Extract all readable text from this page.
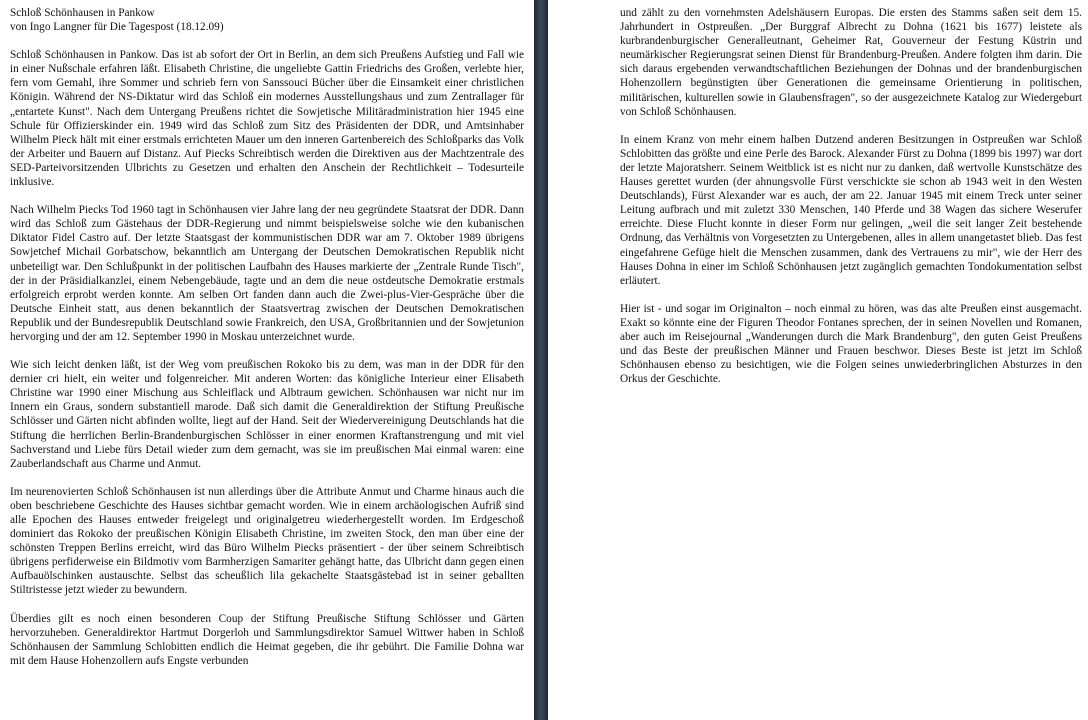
Schloß Schönhausen in Pankow
von Ingo Langner für Die Tagespost (18.12.09)

Schloß Schönhausen in Pankow. Das ist ab sofort der Ort in Berlin, an dem sich Preußens Aufstieg und Fall wie in einer Nußschale erfahren läßt. Elisabeth Christine, die ungeliebte Gattin Friedrichs des Großen, verlebte hier, fern vom Gemahl, ihre Sommer und schrieb fern von Sanssouci Bücher über die Einsamkeit einer christlichen Königin. Während der NS-Diktatur wird das Schloß ein modernes Ausstellungshaus und zum Zentrallager für „entartete Kunst". Nach dem Untergang Preußens richtet die Sowjetische Militäradministration hier 1945 eine Schule für Offizierskinder ein. 1949 wird das Schloß zum Sitz des Präsidenten der DDR, und Amtsinhaber Wilhelm Pieck hält mit einer erstmals errichteten Mauer um den inneren Gartenbereich des Schloßparks das Volk der Arbeiter und Bauern auf Distanz. Auf Piecks Schreibtisch werden die Direktiven aus der Machtzentrale des SED-Parteivorsitzenden Ulbrichts zu Gesetzen und erhalten den Anschein der Rechtlichkeit – Todesurteile inklusive.

Nach Wilhelm Piecks Tod 1960 tagt in Schönhausen vier Jahre lang der neu gegründete Staatsrat der DDR. Dann wird das Schloß zum Gästehaus der DDR-Regierung und nimmt beispielsweise solche wie den kubanischen Diktator Fidel Castro auf. Der letzte Staatsgast der kommunistischen DDR war am 7. Oktober 1989 übrigens Sowjetchef Michail Gorbatschow, bekanntlich am Untergang der Deutschen Demokratischen Republik nicht unbeteiligt war. Den Schlußpunkt in der politischen Laufbahn des Hauses markierte der „Zentrale Runde Tisch", der in der Präsidialkanzlei, einem Nebengebäude, tagte und an dem die neue ostdeutsche Demokratie erstmals erfolgreich erprobt werden konnte. Am selben Ort fanden dann auch die Zwei-plus-Vier-Gespräche über die Deutsche Einheit statt, aus denen bekanntlich der Staatsvertrag zwischen der Deutschen Demokratischen Republik und der Bundesrepublik Deutschland sowie Frankreich, den USA, Großbritannien und der Sowjetunion hervorging und der am 12. September 1990 in Moskau unterzeichnet wurde.

Wie sich leicht denken läßt, ist der Weg vom preußischen Rokoko bis zu dem, was man in der DDR für den dernier cri hielt, ein weiter und folgenreicher. Mit anderen Worten: das königliche Interieur einer Elisabeth Christine war 1990 einer Mischung aus Schleiflack und Albtraum gewichen. Schönhausen war nicht nur im Innern ein Graus, sondern substantiell marode. Daß sich damit die Generaldirektion der Stiftung Preußische Schlösser und Gärten nicht abfinden wollte, liegt auf der Hand. Seit der Wiedervereinigung Deutschlands hat die Stiftung die herrlichen Berlin-Brandenburgischen Schlösser in einer enormen Kraftanstrengung und mit viel Sachverstand und Liebe fürs Detail wieder zum dem gemacht, was sie im preußischen Mai einmal waren: eine Zauberlandschaft aus Charme und Anmut.

Im neurenovierten Schloß Schönhausen ist nun allerdings über die Attribute Anmut und Charme hinaus auch die oben beschriebene Geschichte des Hauses sichtbar gemacht worden. Wie in einem archäologischen Aufriß sind alle Epochen des Hauses entweder freigelegt und originalgetreu wiederhergestellt worden. Im Erdgeschoß dominiert das Rokoko der preußischen Königin Elisabeth Christine, im zweiten Stock, den man über eine der schönsten Treppen Berlins erreicht, wird das Büro Wilhelm Piecks präsentiert - der über seinem Schreibtisch übrigens perfiderweise ein Bildmotiv vom Barmherzigen Samariter gehängt hatte, das Ulbricht dann gegen einen Aufbauölschinken austauschte. Selbst das scheußlich lila gekachelte Staatsgästebad ist in seiner geballten Stiltristesse jetzt wieder zu bewundern.

Überdies gilt es noch einen besonderen Coup der Stiftung Preußische Stiftung Schlösser und Gärten hervorzuheben. Generaldirektor Hartmut Dorgerloh und Sammlungsdirektor Samuel Wittwer haben in Schloß Schönhausen der Sammlung Schlobitten endlich die Heimat gegeben, die ihr gebührt. Die Familie Dohna war mit dem Hause Hohenzollern aufs Engste verbunden

und zählt zu den vornehmsten Adelshäusern Europas. Die ersten des Stamms saßen seit dem 15. Jahrhundert in Ostpreußen. „Der Burggraf Albrecht zu Dohna (1621 bis 1677) leistete als kurbrandenburgischer Generalleutnant, Geheimer Rat, Gouverneur der Festung Küstrin und neumärkischer Regierungsrat seinen Dienst für Brandenburg-Preußen. Andere folgten ihm darin. Die sich daraus ergebenden verwandtschaftlichen Beziehungen der Dohnas und der brandenburgischen Hohenzollern begünstigten über Generationen die gemeinsame Orientierung in politischen, militärischen, kulturellen sowie in Glaubensfragen", so der ausgezeichnete Katalog zur Wiedergeburt von Schloß Schönhausen.

In einem Kranz von mehr einem halben Dutzend anderen Besitzungen in Ostpreußen war Schloß Schlobitten das größte und eine Perle des Barock. Alexander Fürst zu Dohna (1899 bis 1997) war dort der letzte Majoratsherr. Seinem Weitblick ist es nicht nur zu danken, daß wertvolle Kunstschätze des Hauses gerettet wurden (der ahnungsvolle Fürst verschickte sie schon ab 1943 weit in den Westen Deutschlands), Fürst Alexander war es auch, der am 22. Januar 1945 mit einem Treck unter seiner Leitung aufbrach und mit zuletzt 330 Menschen, 140 Pferde und 38 Wagen das sichere Weserufer erreichte. Diese Flucht konnte in dieser Form nur gelingen, „weil die seit langer Zeit bestehende Ordnung, das Verhältnis von Vorgesetzten zu Untergebenen, alles in allem unangetastet blieb. Das fest eingefahrene Gefüge hielt die Menschen zusammen, dank des Vertrauens zu mir", wie der Herr des Hauses Dohna in einer im Schloß Schönhausen jetzt zugänglich gemachten Tondokumentation selbst erläutert.

Hier ist - und sogar im Originalton – noch einmal zu hören, was das alte Preußen einst ausgemacht. Exakt so könnte eine der Figuren Theodor Fontanes sprechen, der in seinen Novellen und Romanen, aber auch im Reisejournal „Wanderungen durch die Mark Brandenburg", den guten Geist Preußens und das Beste der preußischen Männer und Frauen beschwor. Dieses Beste ist jetzt im Schloß Schönhausen ebenso zu besichtigen, wie die Folgen seines unwiederbringlichen Absturzes in den Orkus der Geschichte.
